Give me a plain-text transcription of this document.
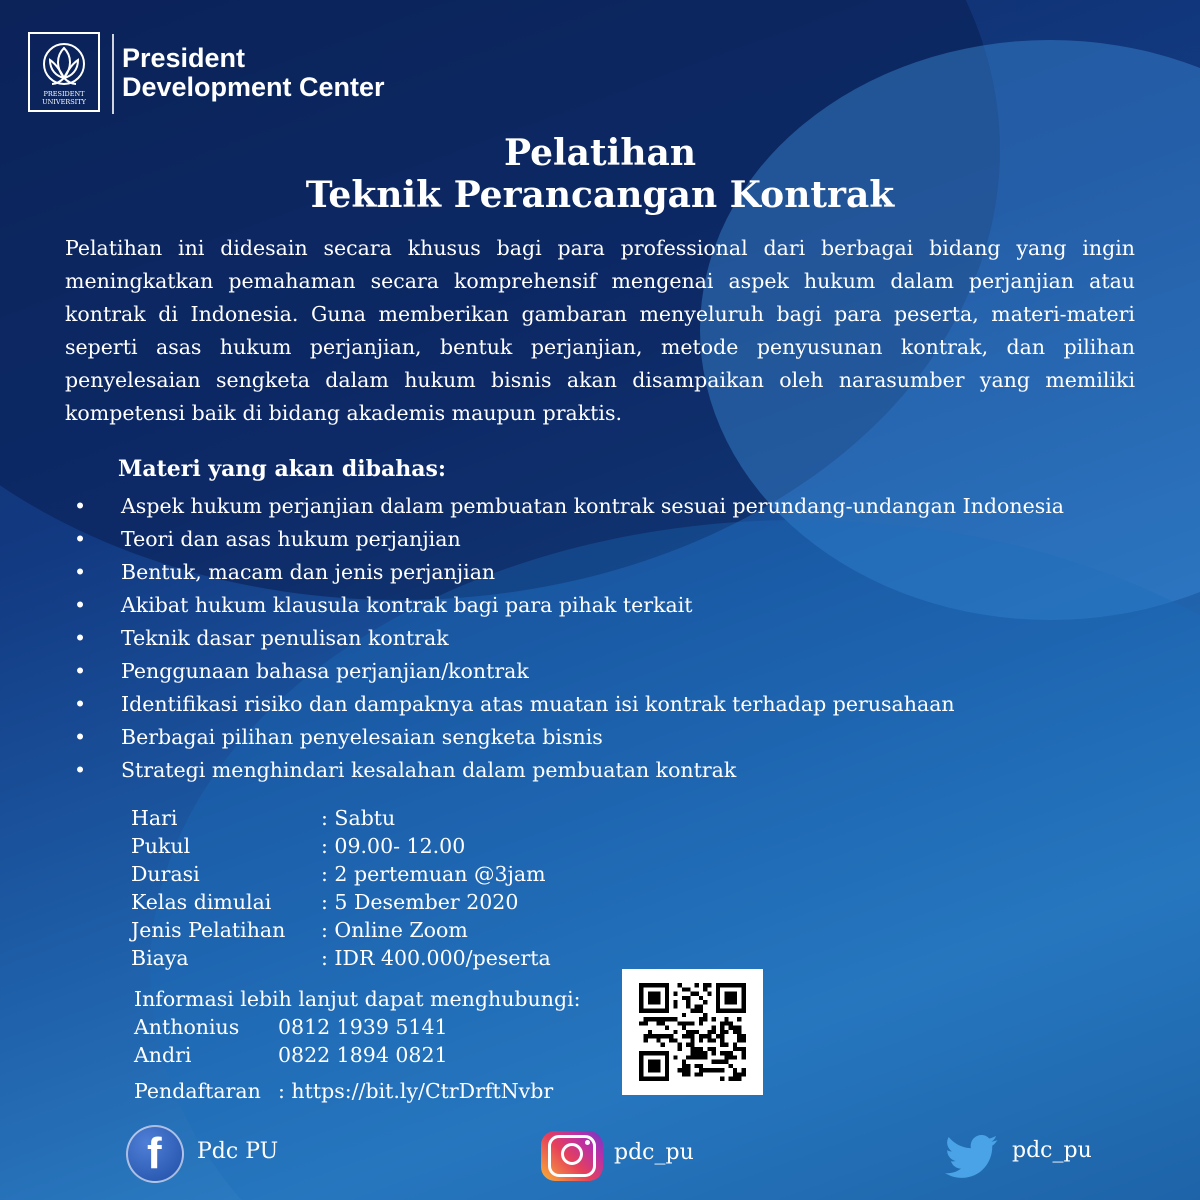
PRESIDENT
UNIVERSITY
President
Development Center
Pelatihan
Teknik Perancangan Kontrak

Pelatihan ini didesain secara khusus bagi para professional dari berbagai bidang yang ingin meningkatkan pemahaman secara komprehensif mengenai aspek hukum dalam perjanjian atau kontrak di Indonesia. Guna memberikan gambaran menyeluruh bagi para peserta, materi-materi seperti asas hukum perjanjian, bentuk perjanjian, metode penyusunan kontrak, dan pilihan penyelesaian sengketa dalam hukum bisnis akan disampaikan oleh narasumber yang memiliki kompetensi baik di bidang akademis maupun praktis.

Materi yang akan dibahas:
• Aspek hukum perjanjian dalam pembuatan kontrak sesuai perundang-undangan Indonesia
• Teori dan asas hukum perjanjian
• Bentuk, macam dan jenis perjanjian
• Akibat hukum klausula kontrak bagi para pihak terkait
• Teknik dasar penulisan kontrak
• Penggunaan bahasa perjanjian/kontrak
• Identifikasi risiko dan dampaknya atas muatan isi kontrak terhadap perusahaan
• Berbagai pilihan penyelesaian sengketa bisnis
• Strategi menghindari kesalahan dalam pembuatan kontrak
Hari	: Sabtu
Pukul	: 09.00- 12.00
Durasi	: 2 pertemuan @3jam
Kelas dimulai : 5 Desember 2020
Jenis Pelatihan : Online Zoom
Biaya	: IDR 400.000/peserta
Informasi lebih lanjut dapat menghubungi:
Anthonius 0812 1939 5141
Andri	0822 1894 0821
Pendaftaran : https://bit.ly/CtrDrftNvbr
f Pdc PU	pdc_pu	pdc_pu
